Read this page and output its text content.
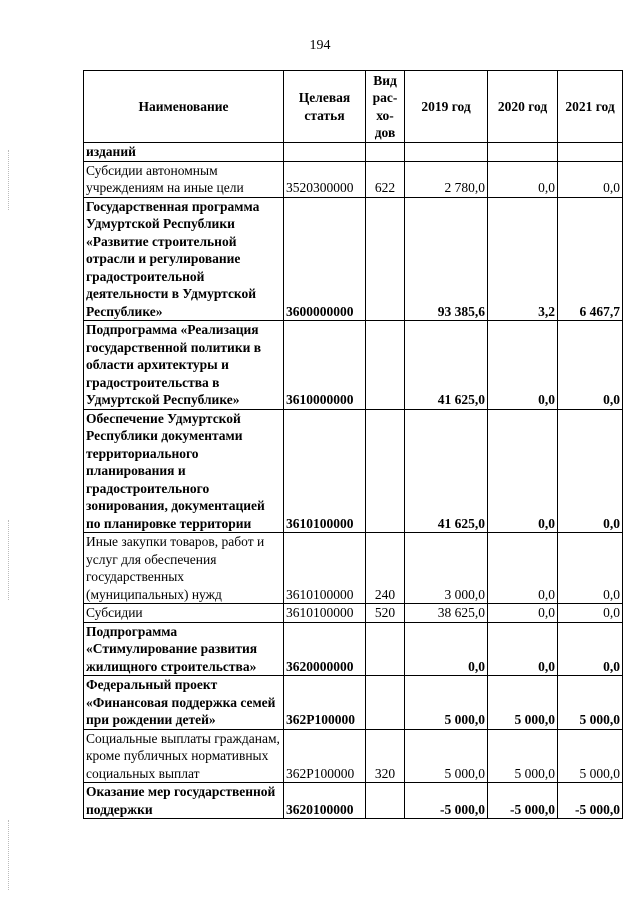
194
Наименование	Целевая статья	Вид рас- хо- дов	2019 год	2020 год	2021 год
изданий					
Субсидии автономным учреждениям на иные цели	3520300000	622	2 780,0	0,0	0,0
Государственная программа Удмуртской Республики «Развитие строительной отрасли и регулирование градостроительной деятельности в Удмуртской Республике»	3600000000		93 385,6	3,2	6 467,7
Подпрограмма «Реализация государственной политики в области архитектуры и градостроительства в Удмуртской Республике»	3610000000		41 625,0	0,0	0,0
Обеспечение Удмуртской Республики документами территориального планирования и градостроительного зонирования, документацией по планировке территории	3610100000		41 625,0	0,0	0,0
Иные закупки товаров, работ и услуг для обеспечения государственных (муниципальных) нужд	3610100000	240	3 000,0	0,0	0,0
Субсидии	3610100000	520	38 625,0	0,0	0,0
Подпрограмма «Стимулирование развития жилищного строительства»	3620000000		0,0	0,0	0,0
Федеральный проект «Финансовая поддержка семей при рождении детей»	362P100000		5 000,0	5 000,0	5 000,0
Социальные выплаты гражданам, кроме публичных нормативных социальных выплат	362P100000	320	5 000,0	5 000,0	5 000,0
Оказание мер государственной поддержки	3620100000		-5 000,0	-5 000,0	-5 000,0
